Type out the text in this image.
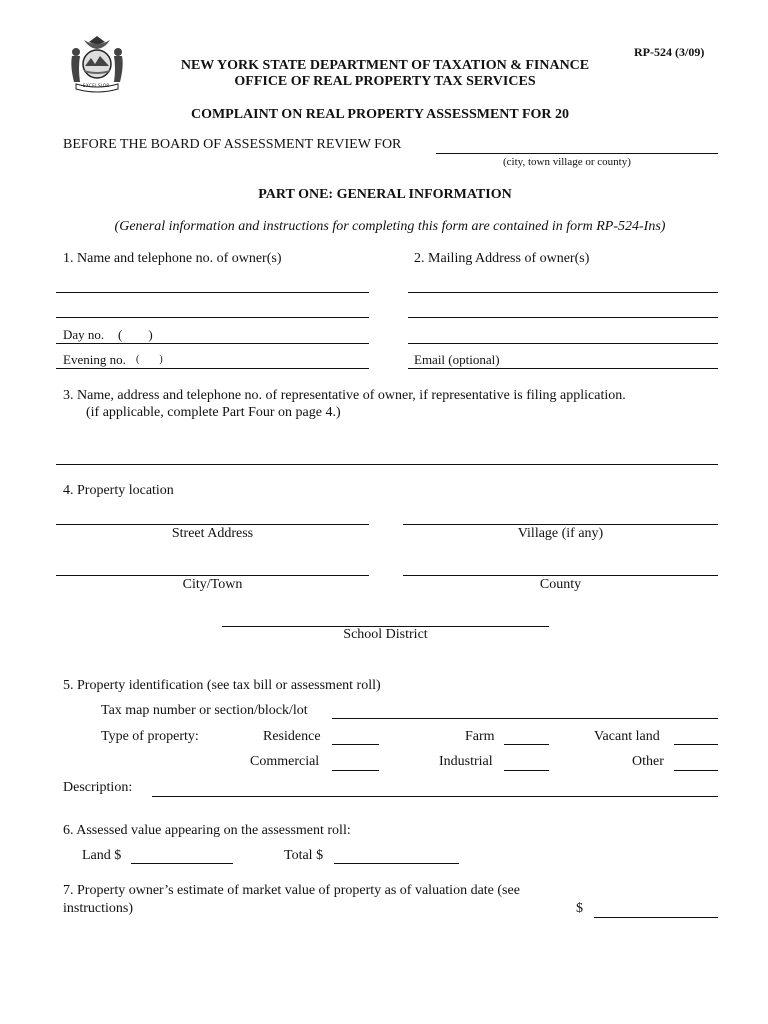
EXCELSIOR
RP-524 (3/09)
NEW YORK STATE DEPARTMENT OF TAXATION & FINANCE
OFFICE OF REAL PROPERTY TAX SERVICES
COMPLAINT ON REAL PROPERTY ASSESSMENT FOR 20
BEFORE THE BOARD OF ASSESSMENT REVIEW FOR
(city, town village or county)
PART ONE: GENERAL INFORMATION
(General information and instructions for completing this form are contained in form RP-524-Ins)
1. Name and telephone no. of owner(s)	2. Mailing Address of owner(s)
Day no. (        )
Evening no. (        )	Email (optional)
3. Name, address and telephone no. of representative of owner, if representative is filing application.
(if applicable, complete Part Four on page 4.)
4. Property location
Street Address	Village (if any)
City/Town	County
School District
5. Property identification (see tax bill or assessment roll)
Tax map number or section/block/lot
Type of property:	Residence	Farm	Vacant land
Commercial	Industrial	Other
Description:
6. Assessed value appearing on the assessment roll:
Land $	Total $
7. Property owner’s estimate of market value of property as of valuation date (see
instructions)	$
